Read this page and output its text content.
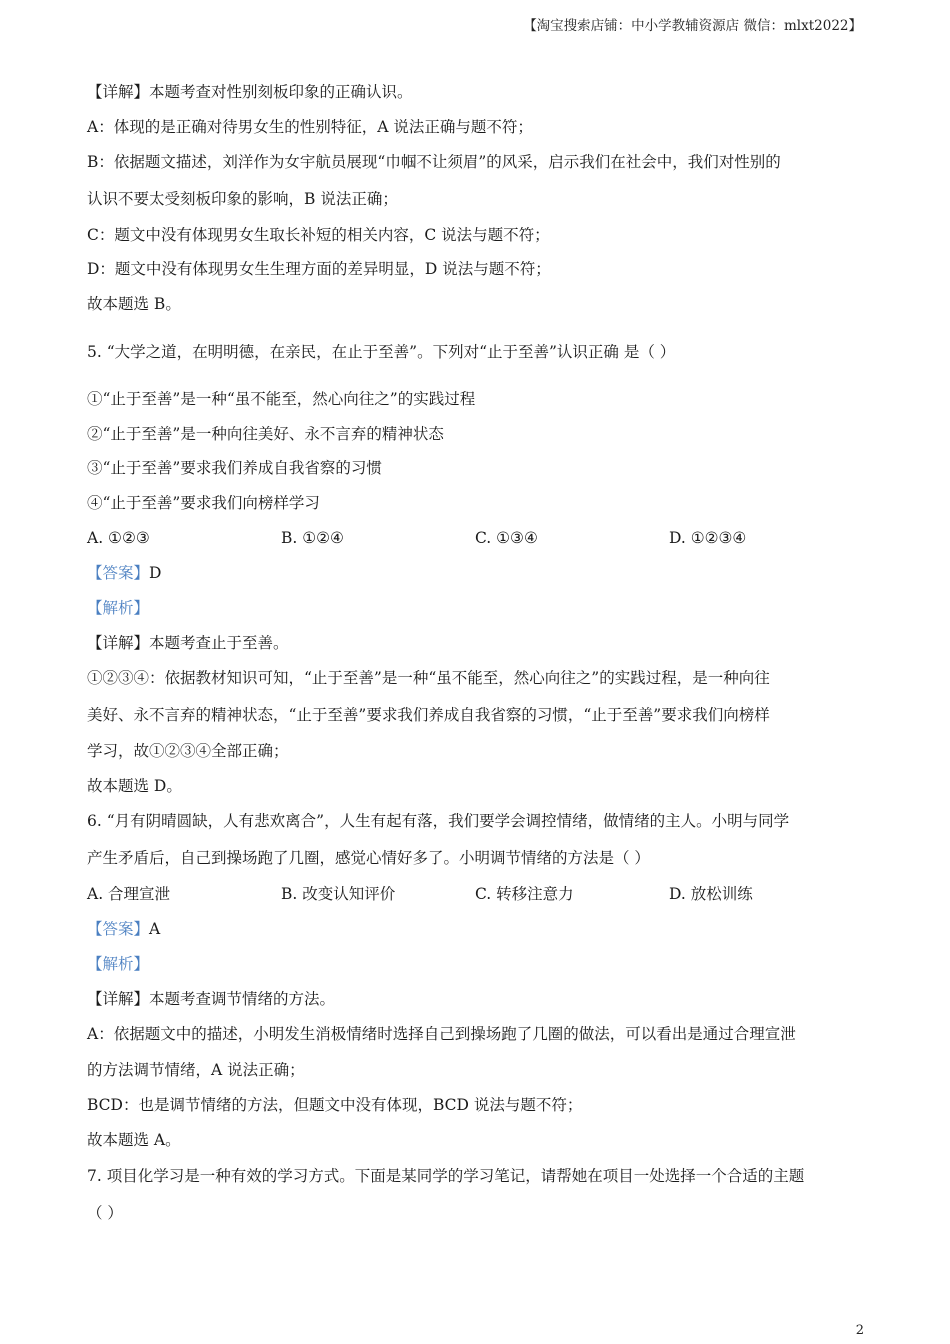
【淘宝搜索店铺：中小学教辅资源店 微信：mlxt2022】
【详解】本题考查对性别刻板印象的正确认识。
A：体现的是正确对待男女生的性别特征，A 说法正确与题不符；
B：依据题文描述，刘洋作为女宇航员展现“巾帼不让须眉”的风采，启示我们在社会中，我们对性别的
认识不要太受刻板印象的影响，B 说法正确；
C：题文中没有体现男女生取长补短的相关内容，C 说法与题不符；
D：题文中没有体现男女生生理方面的差异明显，D 说法与题不符；
故本题选 B。
5. “大学之道，在明明德，在亲民，在止于至善”。下列对“止于至善”认识正确 是（ ）
①“止于至善”是一种“虽不能至，然心向往之”的实践过程
②“止于至善”是一种向往美好、永不言弃的精神状态
③“止于至善”要求我们养成自我省察的习惯
④“止于至善”要求我们向榜样学习
A. ①②③	B. ①②④	C. ①③④	D. ①②③④
【答案】D
【解析】
【详解】本题考查止于至善。
①②③④：依据教材知识可知，“止于至善”是一种“虽不能至，然心向往之”的实践过程，是一种向往
美好、永不言弃的精神状态，“止于至善”要求我们养成自我省察的习惯，“止于至善”要求我们向榜样
学习，故①②③④全部正确；
故本题选 D。
6. “月有阴晴圆缺，人有悲欢离合”，人生有起有落，我们要学会调控情绪，做情绪的主人。小明与同学
产生矛盾后，自己到操场跑了几圈，感觉心情好多了。小明调节情绪的方法是（ ）
A. 合理宣泄	B. 改变认知评价	C. 转移注意力	D. 放松训练
【答案】A
【解析】
【详解】本题考查调节情绪的方法。
A：依据题文中的描述，小明发生消极情绪时选择自己到操场跑了几圈的做法，可以看出是通过合理宣泄
的方法调节情绪，A 说法正确；
BCD：也是调节情绪的方法，但题文中没有体现，BCD 说法与题不符；
故本题选 A。
7. 项目化学习是一种有效的学习方式。下面是某同学的学习笔记，请帮她在项目一处选择一个合适的主题
（ ）
2
